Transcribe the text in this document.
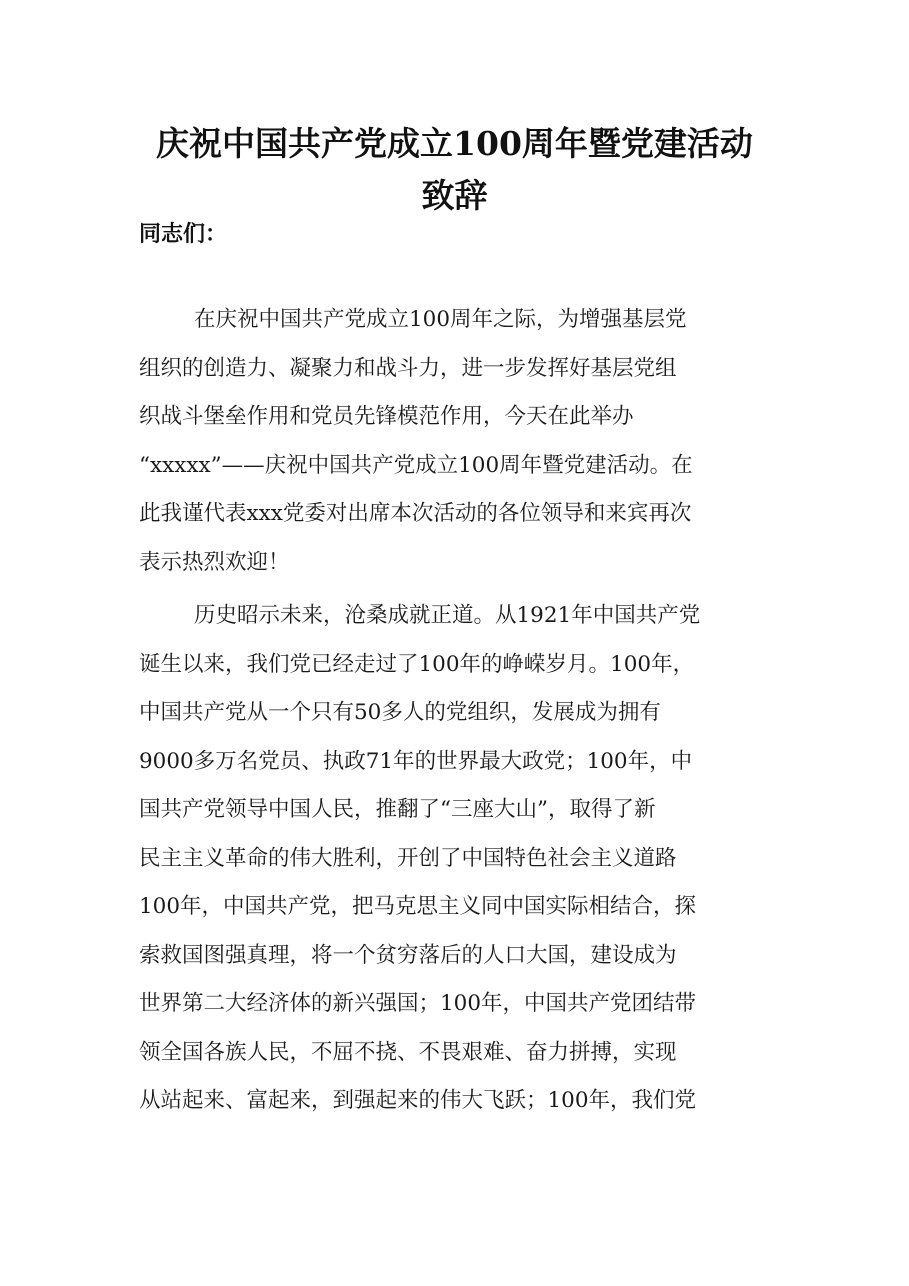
庆祝中国共产党成立100周年暨党建活动
致辞

同志们：

在庆祝中国共产党成立100周年之际，为增强基层党
组织的创造力、凝聚力和战斗力，进一步发挥好基层党组
织战斗堡垒作用和党员先锋模范作用，今天在此举办
“xxxxx”——庆祝中国共产党成立100周年暨党建活动。在
此我谨代表xxx党委对出席本次活动的各位领导和来宾再次
表示热烈欢迎！
历史昭示未来，沧桑成就正道。从1921年中国共产党
诞生以来，我们党已经走过了100年的峥嵘岁月。100年，
中国共产党从一个只有50多人的党组织，发展成为拥有
9000多万名党员、执政71年的世界最大政党；100年，中
国共产党领导中国人民，推翻了“三座大山”，取得了新
民主主义革命的伟大胜利，开创了中国特色社会主义道路
100年，中国共产党，把马克思主义同中国实际相结合，探
索救国图强真理，将一个贫穷落后的人口大国，建设成为
世界第二大经济体的新兴强国；100年，中国共产党团结带
领全国各族人民，不屈不挠、不畏艰难、奋力拼搏，实现
从站起来、富起来，到强起来的伟大飞跃；100年，我们党
